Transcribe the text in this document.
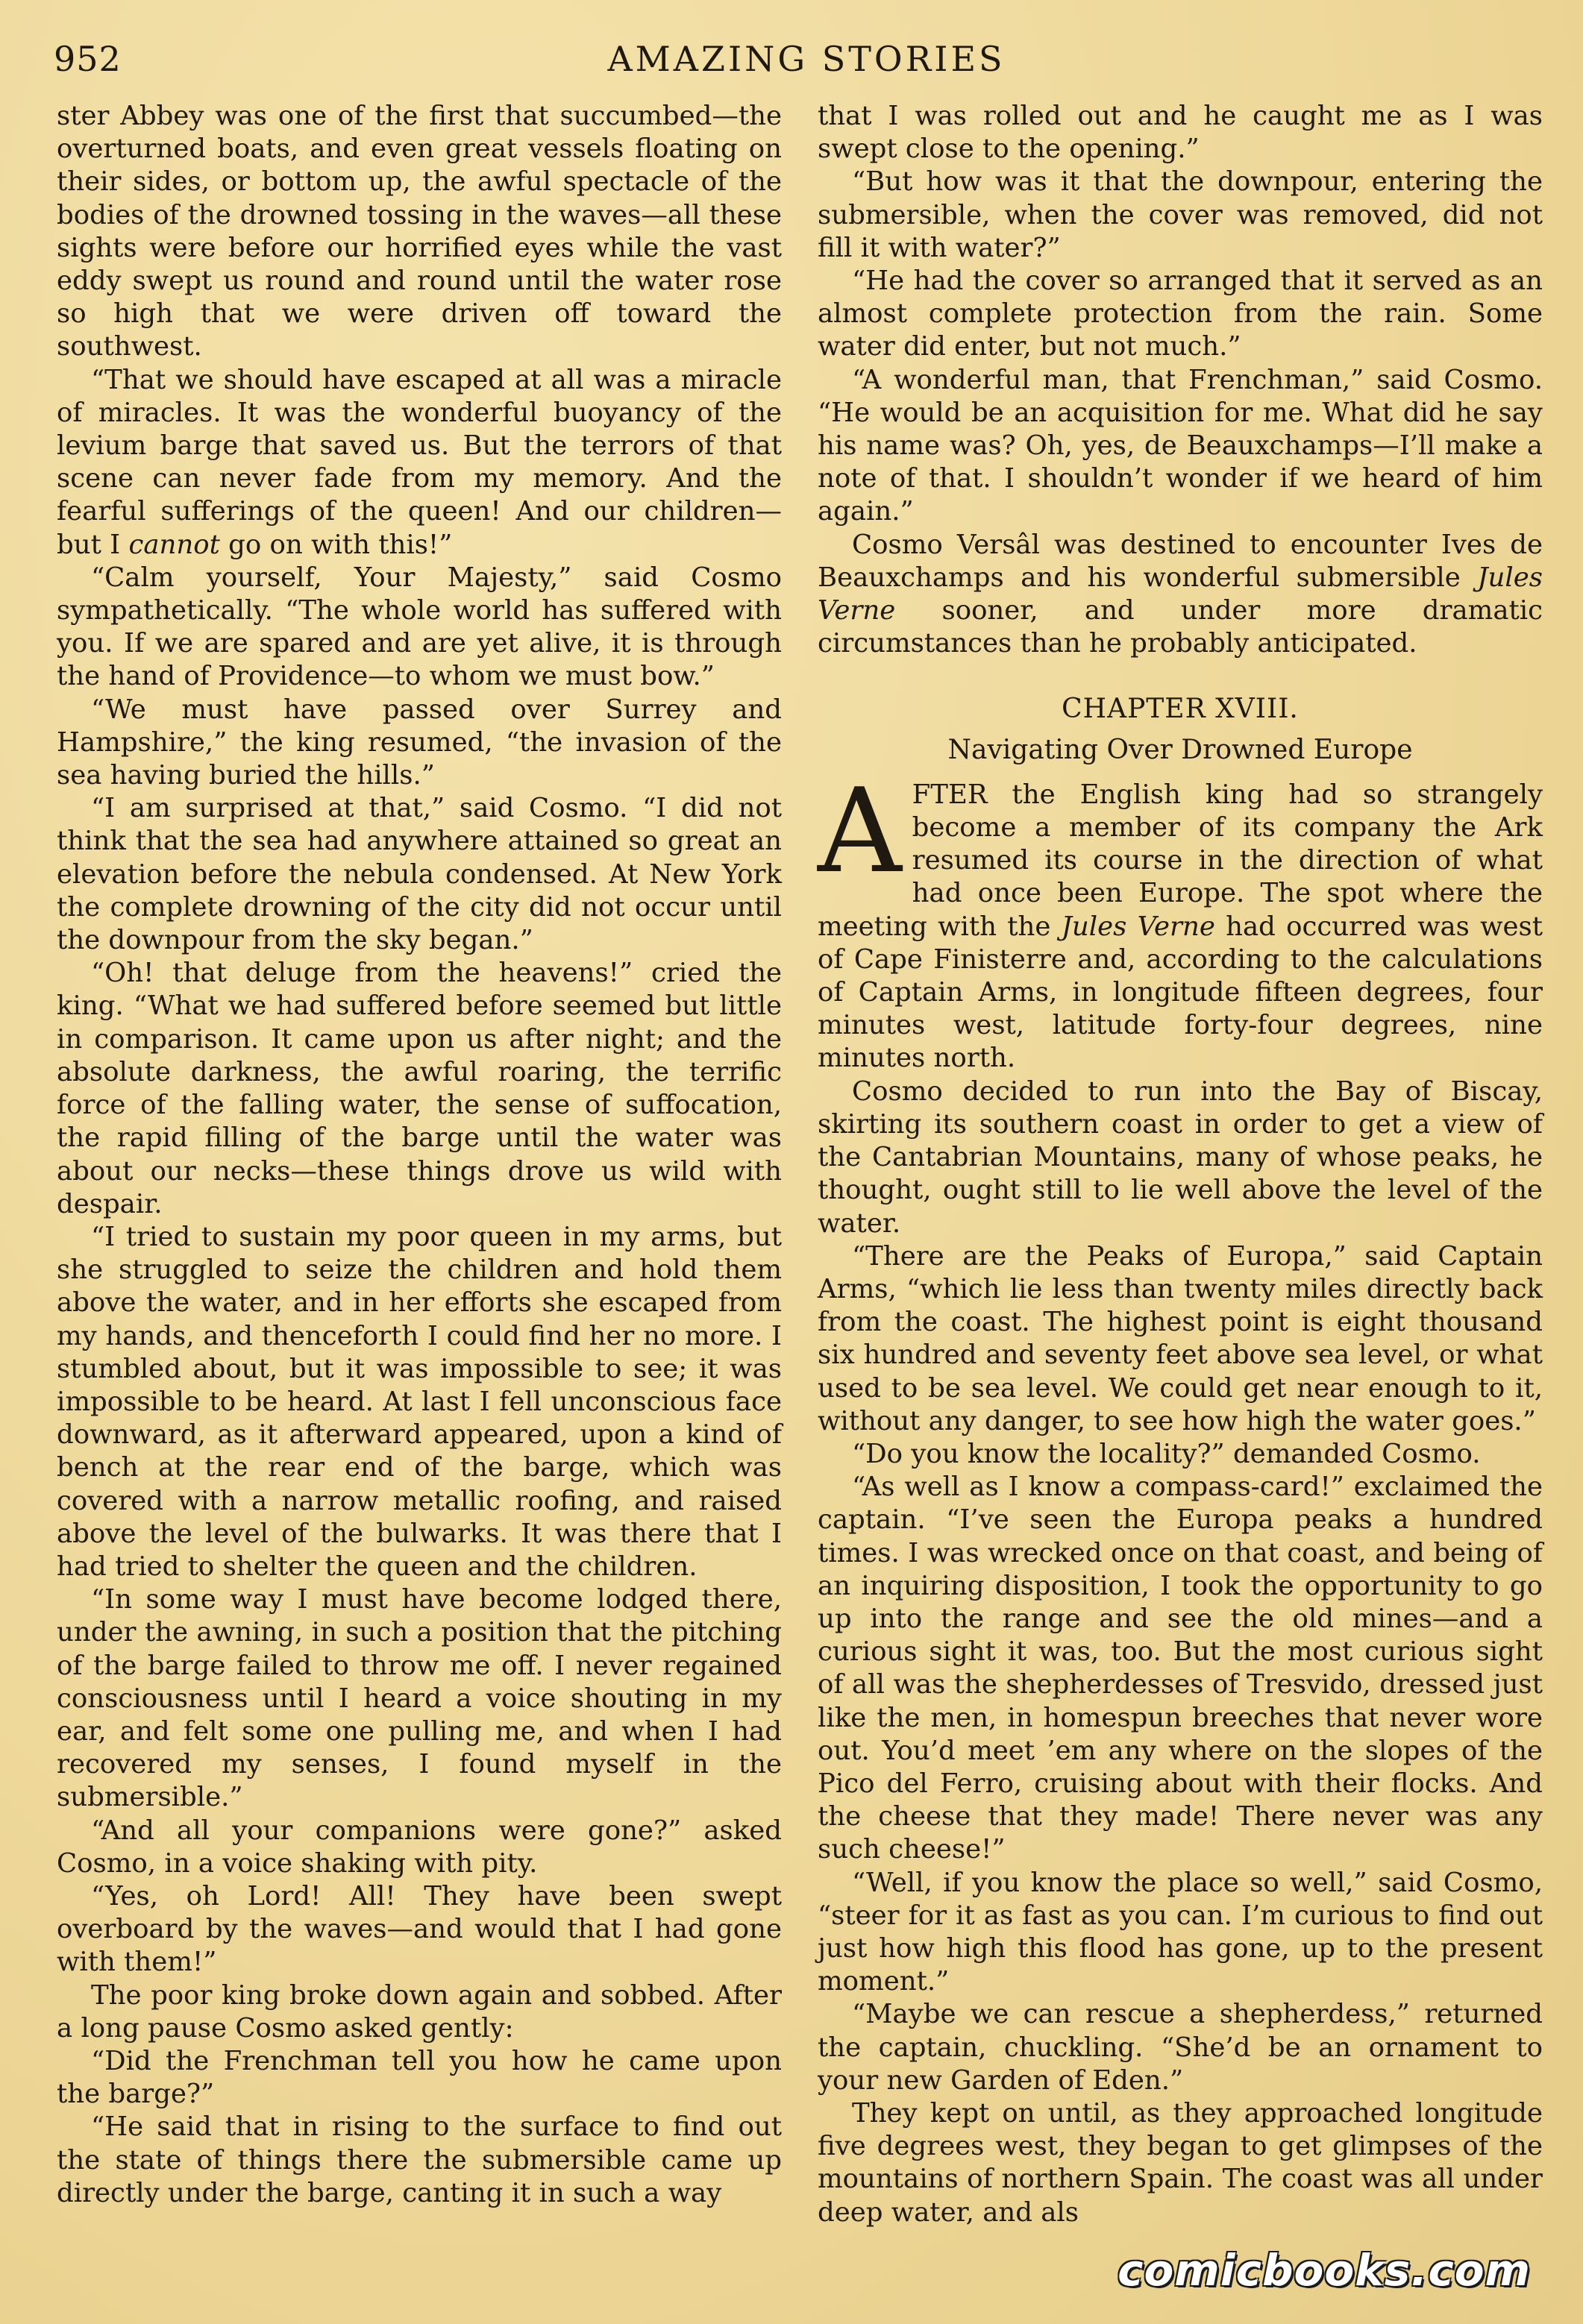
952	AMAZING STORIES

ster Abbey was one of the first that succumbed—the overturned boats, and even great vessels floating on their sides, or bottom up, the awful spectacle of the bodies of the drowned tossing in the waves—all these sights were before our horrified eyes while the vast eddy swept us round and round until the water rose so high that we were driven off toward the southwest.

“That we should have escaped at all was a miracle of miracles. It was the wonderful buoyancy of the levium barge that saved us. But the terrors of that scene can never fade from my memory. And the fearful sufferings of the queen! And our children—but I cannot go on with this!”

“Calm yourself, Your Majesty,” said Cosmo sympathetically. “The whole world has suffered with you. If we are spared and are yet alive, it is through the hand of Providence—to whom we must bow.”

“We must have passed over Surrey and Hampshire,” the king resumed, “the invasion of the sea having buried the hills.”

“I am surprised at that,” said Cosmo. “I did not think that the sea had anywhere attained so great an elevation before the nebula condensed. At New York the complete drowning of the city did not occur until the downpour from the sky began.”

“Oh! that deluge from the heavens!” cried the king. “What we had suffered before seemed but little in comparison. It came upon us after night; and the absolute darkness, the awful roaring, the terrific force of the falling water, the sense of suffocation, the rapid filling of the barge until the water was about our necks—these things drove us wild with despair.

“I tried to sustain my poor queen in my arms, but she struggled to seize the children and hold them above the water, and in her efforts she escaped from my hands, and thenceforth I could find her no more. I stumbled about, but it was impossible to see; it was impossible to be heard. At last I fell unconscious face downward, as it afterward appeared, upon a kind of bench at the rear end of the barge, which was covered with a narrow metallic roofing, and raised above the level of the bulwarks. It was there that I had tried to shelter the queen and the children.

“In some way I must have become lodged there, under the awning, in such a position that the pitching of the barge failed to throw me off. I never regained consciousness until I heard a voice shouting in my ear, and felt some one pulling me, and when I had recovered my senses, I found myself in the submersible.”

“And all your companions were gone?” asked Cosmo, in a voice shaking with pity.

“Yes, oh Lord! All! They have been swept overboard by the waves—and would that I had gone with them!”

The poor king broke down again and sobbed. After a long pause Cosmo asked gently:

“Did the Frenchman tell you how he came upon the barge?”

“He said that in rising to the surface to find out the state of things there the submersible came up directly under the barge, canting it in such a way

that I was rolled out and he caught me as I was swept close to the opening.”

“But how was it that the downpour, entering the submersible, when the cover was removed, did not fill it with water?”

“He had the cover so arranged that it served as an almost complete protection from the rain. Some water did enter, but not much.”

“A wonderful man, that Frenchman,” said Cosmo. “He would be an acquisition for me. What did he say his name was? Oh, yes, de Beauxchamps—I’ll make a note of that. I shouldn’t wonder if we heard of him again.”

Cosmo Versâl was destined to encounter Ives de Beauxchamps and his wonderful submersible Jules Verne sooner, and under more dramatic circumstances than he probably anticipated.

CHAPTER XVIII.
Navigating Over Drowned Europe

AFTER the English king had so strangely become a member of its company the Ark resumed its course in the direction of what had once been Europe. The spot where the meeting with the Jules Verne had occurred was west of Cape Finisterre and, according to the calculations of Captain Arms, in longitude fifteen degrees, four minutes west, latitude forty-four degrees, nine minutes north.

Cosmo decided to run into the Bay of Biscay, skirting its southern coast in order to get a view of the Cantabrian Mountains, many of whose peaks, he thought, ought still to lie well above the level of the water.

“There are the Peaks of Europa,” said Captain Arms, “which lie less than twenty miles directly back from the coast. The highest point is eight thousand six hundred and seventy feet above sea level, or what used to be sea level. We could get near enough to it, without any danger, to see how high the water goes.”

“Do you know the locality?” demanded Cosmo.

“As well as I know a compass-card!” exclaimed the captain. “I’ve seen the Europa peaks a hundred times. I was wrecked once on that coast, and being of an inquiring disposition, I took the opportunity to go up into the range and see the old mines—and a curious sight it was, too. But the most curious sight of all was the shepherdesses of Tresvido, dressed just like the men, in homespun breeches that never wore out. You’d meet ’em any where on the slopes of the Pico del Ferro, cruising about with their flocks. And the cheese that they made! There never was any such cheese!”

“Well, if you know the place so well,” said Cosmo, “steer for it as fast as you can. I’m curious to find out just how high this flood has gone, up to the present moment.”

“Maybe we can rescue a shepherdess,” returned the captain, chuckling. “She’d be an ornament to your new Garden of Eden.”

They kept on until, as they approached longitude five degrees west, they began to get glimpses of the mountains of northern Spain. The coast was all under deep water, and als

comicbooks.com
